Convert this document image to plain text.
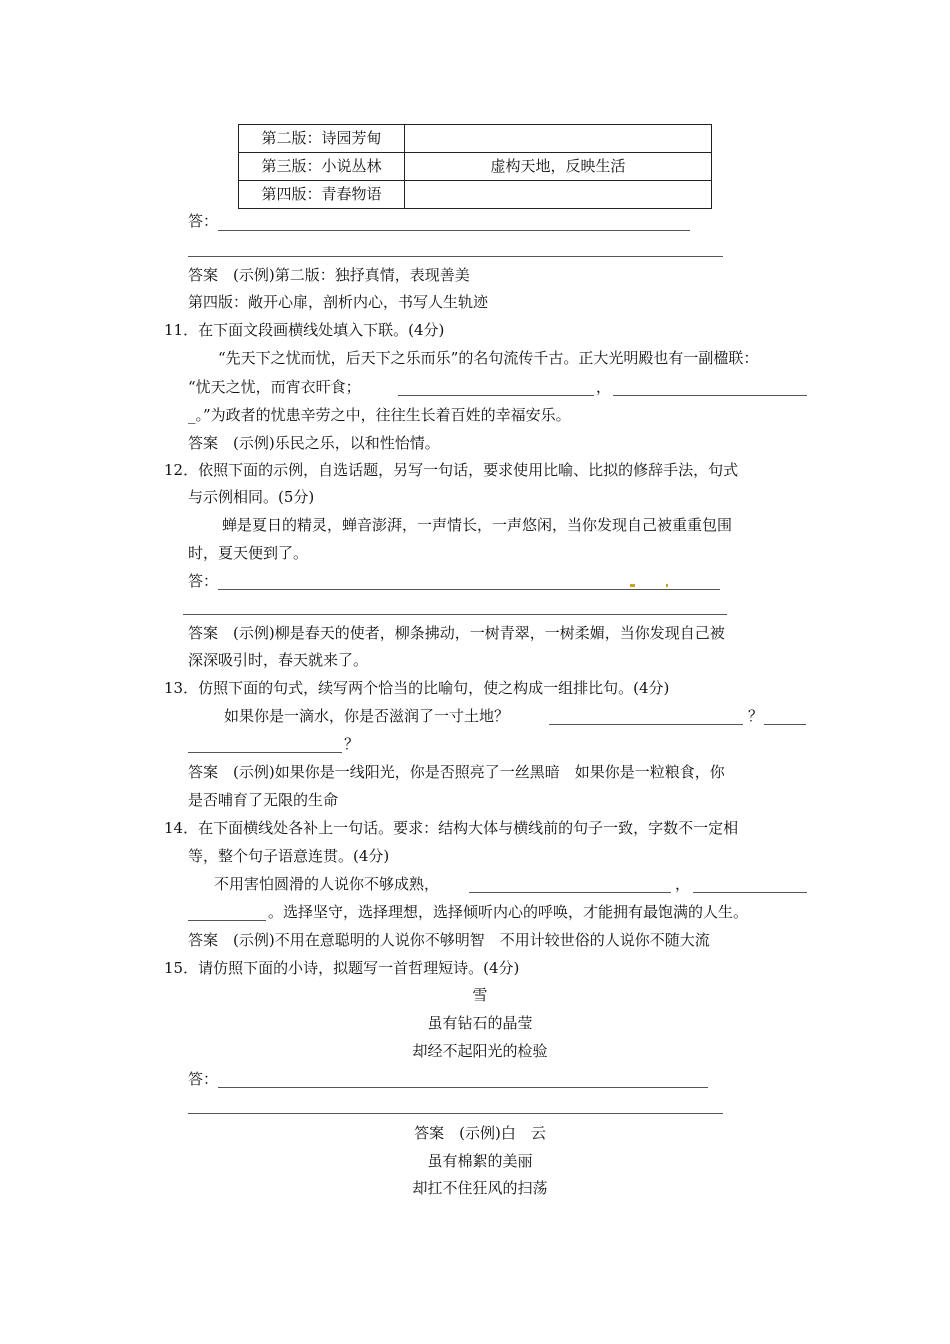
第二版：诗园芳甸	
第三版：小说丛林	虚构天地，反映生活
第四版：青春物语	
答：
答案　(示例)第二版：独抒真情，表现善美
第四版：敞开心扉，剖析内心，书写人生轨迹
11．在下面文段画横线处填入下联。(4分)
“先天下之忧而忧，后天下之乐而乐”的名句流传千古。正大光明殿也有一副楹联：
“忧天之忧，而宵衣旰食；	，
_。”为政者的忧患辛劳之中，往往生长着百姓的幸福安乐。
答案　(示例)乐民之乐，以和性怡情。
12．依照下面的示例，自选话题，另写一句话，要求使用比喻、比拟的修辞手法，句式
与示例相同。(5分)
蝉是夏日的精灵，蝉音澎湃，一声情长，一声悠闲，当你发现自己被重重包围
时，夏天便到了。
答：
答案　(示例)柳是春天的使者，柳条拂动，一树青翠，一树柔媚，当你发现自己被
深深吸引时，春天就来了。
13．仿照下面的句式，续写两个恰当的比喻句，使之构成一组排比句。(4分)
如果你是一滴水，你是否滋润了一寸土地？	？
？
答案　(示例)如果你是一线阳光，你是否照亮了一丝黑暗　如果你是一粒粮食，你
是否哺育了无限的生命
14．在下面横线处各补上一句话。要求：结构大体与横线前的句子一致，字数不一定相
等，整个句子语意连贯。(4分)
不用害怕圆滑的人说你不够成熟，	，
。选择坚守，选择理想，选择倾听内心的呼唤，才能拥有最饱满的人生。
答案　(示例)不用在意聪明的人说你不够明智　不用计较世俗的人说你不随大流
15．请仿照下面的小诗，拟题写一首哲理短诗。(4分)
雪
虽有钻石的晶莹
却经不起阳光的检验
答：
答案　(示例)白　云
虽有棉絮的美丽
却扛不住狂风的扫荡
